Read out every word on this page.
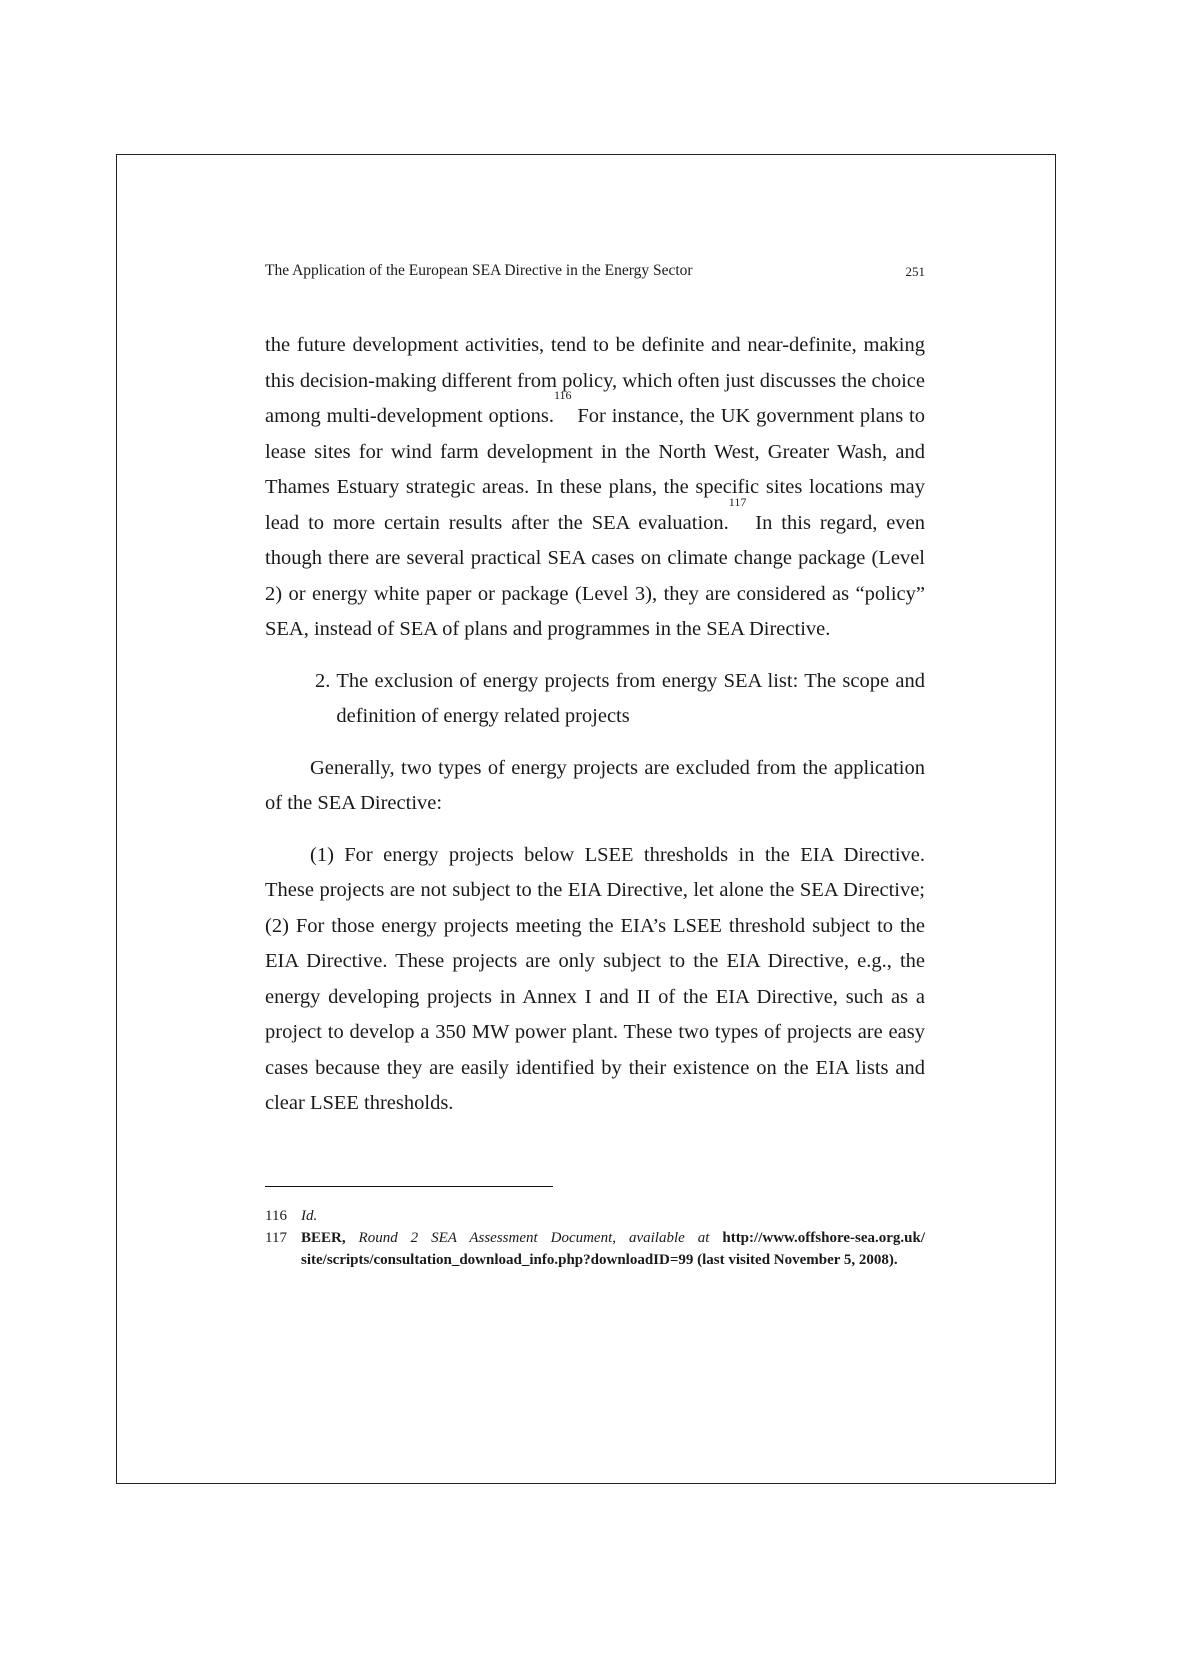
The Application of the European SEA Directive in the Energy Sector	251

the future development activities, tend to be definite and near-definite, making this decision-making different from policy, which often just discusses the choice among multi-development options.$^{116}$ For instance, the UK government plans to lease sites for wind farm development in the North West, Greater Wash, and Thames Estuary strategic areas. In these plans, the specific sites locations may lead to more certain results after the SEA evaluation.$^{117}$ In this regard, even though there are several practical SEA cases on climate change package (Level 2) or energy white paper or package (Level 3), they are considered as “policy” SEA, instead of SEA of plans and programmes in the SEA Directive.

2. The exclusion of energy projects from energy SEA list: The scope and definition of energy related projects

Generally, two types of energy projects are excluded from the application of the SEA Directive:

(1) For energy projects below LSEE thresholds in the EIA Directive. These projects are not subject to the EIA Directive, let alone the SEA Directive; (2) For those energy projects meeting the EIA’s LSEE threshold subject to the EIA Directive. These projects are only subject to the EIA Directive, e.g., the energy developing projects in Annex I and II of the EIA Directive, such as a project to develop a 350 MW power plant. These two types of projects are easy cases because they are easily identified by their existence on the EIA lists and clear LSEE thresholds.

116 Id.
117 BEER, Round 2 SEA Assessment Document, available at http://www.offshore-sea.org.uk/ site/scripts/consultation_download_info.php?downloadID=99 (last visited November 5, 2008).
